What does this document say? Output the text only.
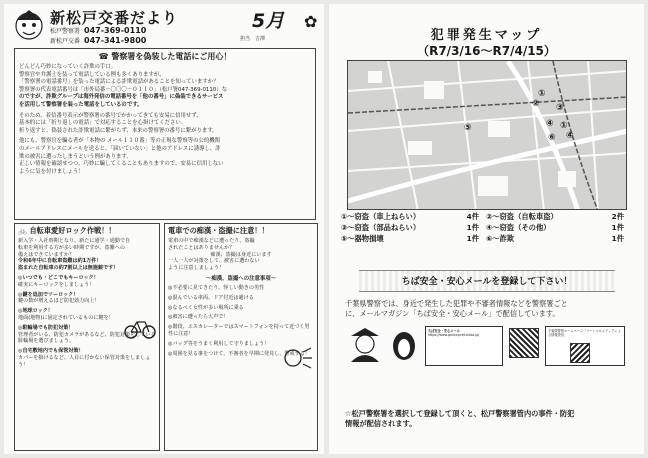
新松戸交番だより	5月
松戸警察署 047-369-0110
新松戸交番 047-341-9800	担当　吉澤
✿
☎ 警察署を偽装した電話にご用心！

どんどん巧妙になっていく詐欺の手口。

警察官や弁護士を装って電話している例も多くありますが、

「警察署の電話番号」を装った電話による詐欺電話があることを知っていますか？

警察署の代表電話番号は「市外局番－〇〇〇－０１１０」（松戸署047-369-0110）な

のですが、詐欺グループは海外発信の電話番号を「他の番号」に偽装できるサービス

を活用して警察署を装った電話をしているのです。

そのため、着信番号表示が警察署の番号でかかってきても安易に信用せず、

基本的には「折り返しの電話」で対応することを心掛けてください。

折り返すと、偽装された詐欺電話に繋がらず、本来の警察署の番号に繋がります。

他にも、警察官を騙る者が「本物の メール１１０番」等の正規な警察等の公的機関

のメールアドレスにメールを送ると、「届いていない」と他のアドレスに誘導し、詐

欺の被害に遭ったしまうという例があります。

正しい情報を確認せつつ、巧妙に騙してくることもありますので、安易に信用しない

ように気を付けましょう！

🚲 自転車愛好ロック作戦！！

新入学・入社時期となり、新たに通学・通勤で自

転車を利用する方が多い時期ですが、盗難への

備えはできていますか？

令和6年中に自転車盗難は約1万件！

盗まれた自転車の約7割以上は無施錠です！

◎いつでも・どこでもキーロック！
確実にキーロックをしましょう！
◎鍵を追加でツーロック！
鍵の数が増えるほど防犯効力向上！
◎地球ロック！
地面(地物)に固定されているものに鍵を！
◎駐輪場でも防犯対策！
管理者がいる、防犯カメラがあるなど、防犯対策をしている駐輪場を選びましょう。
◎自宅敷地内でも保管対策！
カバーを掛けるなど、人目に付かない保管対策をしましょう！
電車での痴漢・盗撮に注意！！

電車の中で痴漢などに遭ったり、盗撮

されたことはありませんか？

痴漢、盗撮は身近にいます

一人一人が対策をして、被害に遭わない

ように注意しましょう！

～痴漢、盗撮への注意事項～
◎不必要に見てきたり、怪しい動きの男性
◎混んでいる車両、ドア付近は避ける
◎なるべく女性が多い場所に乗る
◎被害に遭ったら大声で！
◎階段、エスカレーターではスマートフォンを持って近づく男性に注意！
◎バッグ等をうまく利用して守りましょう！
◎周囲を見る事をつけて、不審者を早期に発見し、警戒する！
犯罪発生マップ
（R7/3/16～R7/4/15）
①
② ③
④
⑤
⑥
①
④
①～窃盗（車上ねらい）	4件 ②～窃盗（自転車盗）	2件
③～窃盗（部品ねらい）	1件 ④～窃盗（その他）	1件
⑤～器物損壊	1件 ⑥～詐欺	1件
ちば安全・安心メールを登録して下さい！

千葉県警察では、身近で発生した犯罪や不審者情報などを警察署ごと

に、メールマガジン「ちば安全・安心メール」で配信しています。

ちば安全・安心メール

https://www.police.pref.chiba.jp/

千葉県警察ホームページ「ソーシャルメディアによる情報発信」

☆松戸警察署を選択して登録して頂くと、松戸警察署管内の事件・防犯

情報が配信されます。
